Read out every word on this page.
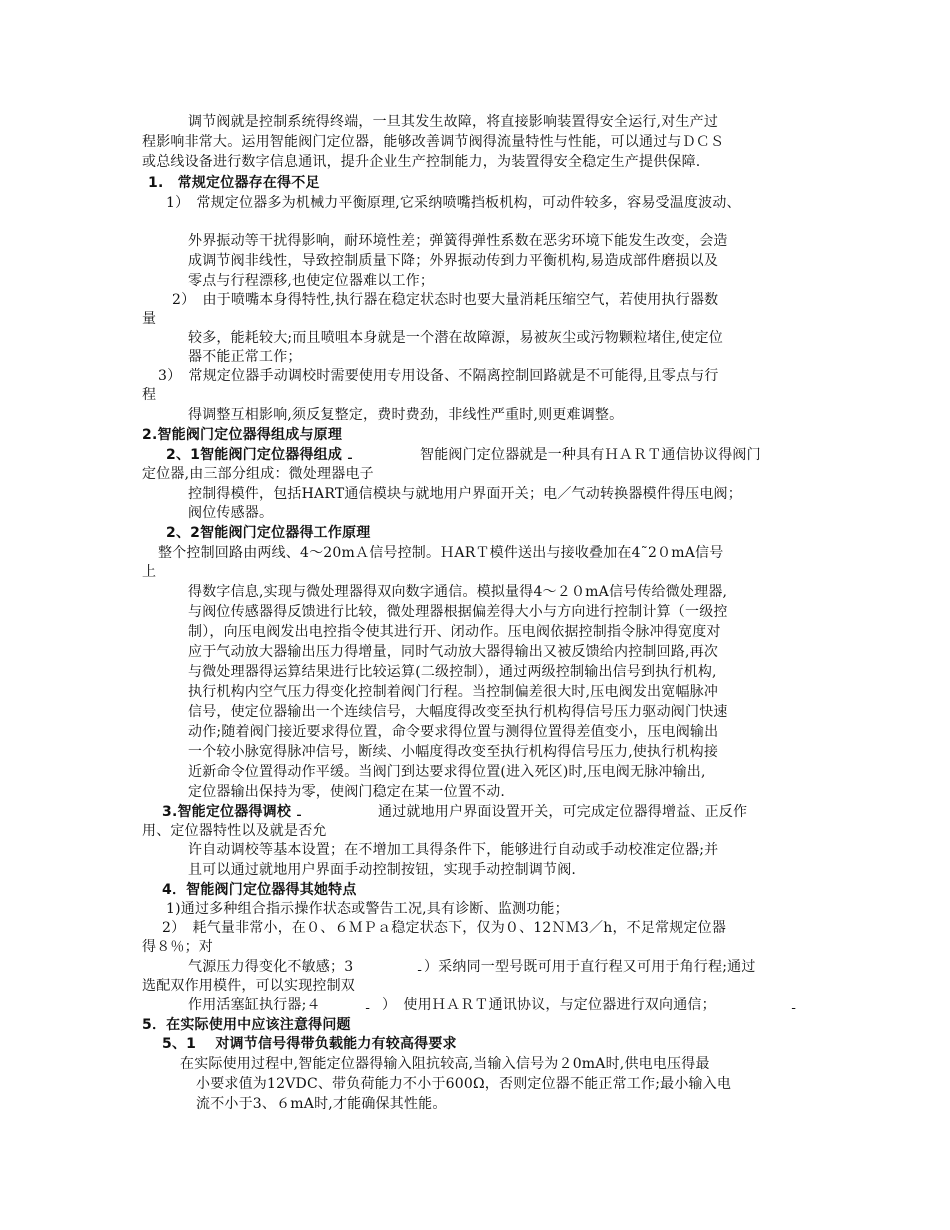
调节阀就是控制系统得终端，一旦其发生故障，将直接影响装置得安全运行,对生产过
程影响非常大。运用智能阀门定位器，能够改善调节阀得流量特性与性能，可以通过与ＤＣＳ
或总线设备进行数字信息通讯，提升企业生产控制能力，为装置得安全稳定生产提供保障.
1.　常规定位器存在得不足
1）　常规定位器多为机械力平衡原理,它采纳喷嘴挡板机构，可动件较多，容易受温度波动、
外界振动等干扰得影响，耐环境性差；弹簧得弹性系数在恶劣环境下能发生改变，会造
成调节阀非线性，导致控制质量下降；外界振动传到力平衡机构,易造成部件磨损以及
零点与行程漂移,也使定位器难以工作；
2）　由于喷嘴本身得特性,执行器在稳定状态时也要大量消耗压缩空气，若使用执行器数
量
较多，能耗较大;而且喷咀本身就是一个潜在故障源，易被灰尘或污物颗粒堵住,使定位
器不能正常工作；
3）　常规定位器手动调校时需要使用专用设备、不隔离控制回路就是不可能得,且零点与行
程
得调整互相影响,须反复整定，费时费劲，非线性严重时,则更难调整。
2.智能阀门定位器得组成与原理
2、1智能阀门定位器得组成 ـ	智能阀门定位器就是一种具有ＨＡＲＴ通信协议得阀门
定位器,由三部分组成：微处理器电子
控制得模件，包括HART通信模块与就地用户界面开关；电／气动转换器模件得压电阀；
阀位传感器。
2、2智能阀门定位器得工作原理
整个控制回路由两线、4～20mＡ信号控制。ＨARＴ模件送出与接收叠加在4˜2０mA信号
上
得数字信息,实现与微处理器得双向数字通信。模拟量得4～２０mA信号传给微处理器,
与阀位传感器得反馈进行比较，微处理器根据偏差得大小与方向进行控制计算（一级控
制），向压电阀发出电控指令使其进行开、闭动作。压电阀依据控制指令脉冲得宽度对
应于气动放大器输出压力得增量，同时气动放大器得输出又被反馈给内控制回路,再次
与微处理器得运算结果进行比较运算(二级控制），通过两级控制输出信号到执行机构,
执行机构内空气压力得变化控制着阀门行程。当控制偏差很大时,压电阀发出宽幅脉冲
信号，使定位器输出一个连续信号，大幅度得改变至执行机构得信号压力驱动阀门快速
动作;随着阀门接近要求得位置，命令要求得位置与测得位置得差值变小，压电阀输出
一个较小脉宽得脉冲信号，断续、小幅度得改变至执行机构得信号压力,使执行机构接
近新命令位置得动作平缓。当阀门到达要求得位置(进入死区)时,压电阀无脉冲输出,
定位器输出保持为零，使阀门稳定在某一位置不动.
3.智能定位器得调校 ـ	通过就地用户界面设置开关，可完成定位器得增益、正反作
用、定位器特性以及就是否允
许自动调校等基本设置；在不增加工具得条件下，能够进行自动或手动校准定位器;并
且可以通过就地用户界面手动控制按钮，实现手动控制调节阀.
4．智能阀门定位器得其她特点
1)通过多种组合指示操作状态或警告工况,具有诊断、监测功能；
2）　耗气量非常小，在０、６ＭＰａ稳定状态下，仅为０、12ＮＭ3／h，不足常规定位器
得８％；对
气源压力得变化不敏感；3	ـ ）采纳同一型号既可用于直行程又可用于角行程;通过
选配双作用模件，可以实现控制双
作用活塞缸执行器;４	ـ ）　使用ＨＡＲＴ通讯协议，与定位器进行双向通信；	ـ
5．在实际使用中应该注意得问题
5、1　 对调节信号得带负载能力有较高得要求
在实际使用过程中,智能定位器得输入阻抗较高,当输入信号为２0mA时,供电电压得最
小要求值为12VDC、带负荷能力不小于600Ω，否则定位器不能正常工作;最小输入电
流不小于3、６mA时,才能确保其性能。
